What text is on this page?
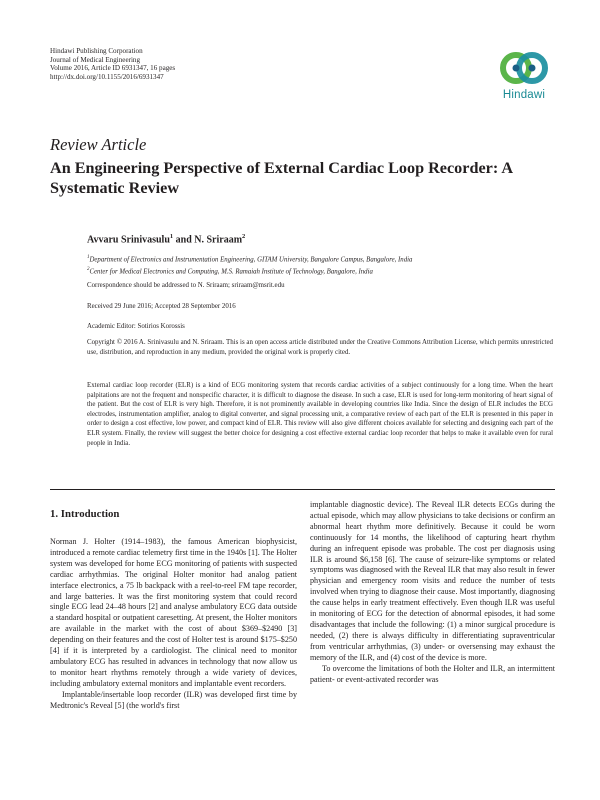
Hindawi Publishing Corporation
Journal of Medical Engineering
Volume 2016, Article ID 6931347, 16 pages
http://dx.doi.org/10.1155/2016/6931347
Hindawi
Review Article
An Engineering Perspective of External Cardiac Loop Recorder: A Systematic Review
Avvaru Srinivasulu$^1$ and N. Sriraam$^2$
$^1$Department of Electronics and Instrumentation Engineering, GITAM University, Bangalore Campus, Bangalore, India
$^2$Center for Medical Electronics and Computing, M.S. Ramaiah Institute of Technology, Bangalore, India
Correspondence should be addressed to N. Sriraam; sriraam@msrit.edu
Received 29 June 2016; Accepted 28 September 2016
Academic Editor: Sotirios Korossis
Copyright © 2016 A. Srinivasulu and N. Sriraam. This is an open access article distributed under the Creative Commons Attribution License, which permits unrestricted use, distribution, and reproduction in any medium, provided the original work is properly cited.
External cardiac loop recorder (ELR) is a kind of ECG monitoring system that records cardiac activities of a subject continuously for a long time. When the heart palpitations are not the frequent and nonspecific character, it is difficult to diagnose the disease. In such a case, ELR is used for long-term monitoring of heart signal of the patient. But the cost of ELR is very high. Therefore, it is not prominently available in developing countries like India. Since the design of ELR includes the ECG electrodes, instrumentation amplifier, analog to digital converter, and signal processing unit, a comparative review of each part of the ELR is presented in this paper in order to design a cost effective, low power, and compact kind of ELR. This review will also give different choices available for selecting and designing each part of the ELR system. Finally, the review will suggest the better choice for designing a cost effective external cardiac loop recorder that helps to make it available even for rural people in India.
1. Introduction

Norman J. Holter (1914–1983), the famous American biophysicist, introduced a remote cardiac telemetry first time in the 1940s [1]. The Holter system was developed for home ECG monitoring of patients with suspected cardiac arrhythmias. The original Holter monitor had analog patient interface electronics, a 75 lb backpack with a reel-to-reel FM tape recorder, and large batteries. It was the first monitoring system that could record single ECG lead 24–48 hours [2] and analyse ambulatory ECG data outside a standard hospital or outpatient caresetting. At present, the Holter monitors are available in the market with the cost of about $369–$2490 [3] depending on their features and the cost of Holter test is around $175–$250 [4] if it is interpreted by a cardiologist. The clinical need to monitor ambulatory ECG has resulted in advances in technology that now allow us to monitor heart rhythms remotely through a wide variety of devices, including ambulatory external monitors and implantable event recorders.

Implantable/insertable loop recorder (ILR) was developed first time by Medtronic's Reveal [5] (the world's first

implantable diagnostic device). The Reveal ILR detects ECGs during the actual episode, which may allow physicians to take decisions or confirm an abnormal heart rhythm more definitively. Because it could be worn continuously for 14 months, the likelihood of capturing heart rhythm during an infrequent episode was probable. The cost per diagnosis using ILR is around $6,158 [6]. The cause of seizure-like symptoms or related symptoms was diagnosed with the Reveal ILR that may also result in fewer physician and emergency room visits and reduce the number of tests involved when trying to diagnose their cause. Most importantly, diagnosing the cause helps in early treatment effectively. Even though ILR was useful in monitoring of ECG for the detection of abnormal episodes, it had some disadvantages that include the following: (1) a minor surgical procedure is needed, (2) there is always difficulty in differentiating supraventricular from ventricular arrhythmias, (3) under- or oversensing may exhaust the memory of the ILR, and (4) cost of the device is more.

To overcome the limitations of both the Holter and ILR, an intermittent patient- or event-activated recorder was
